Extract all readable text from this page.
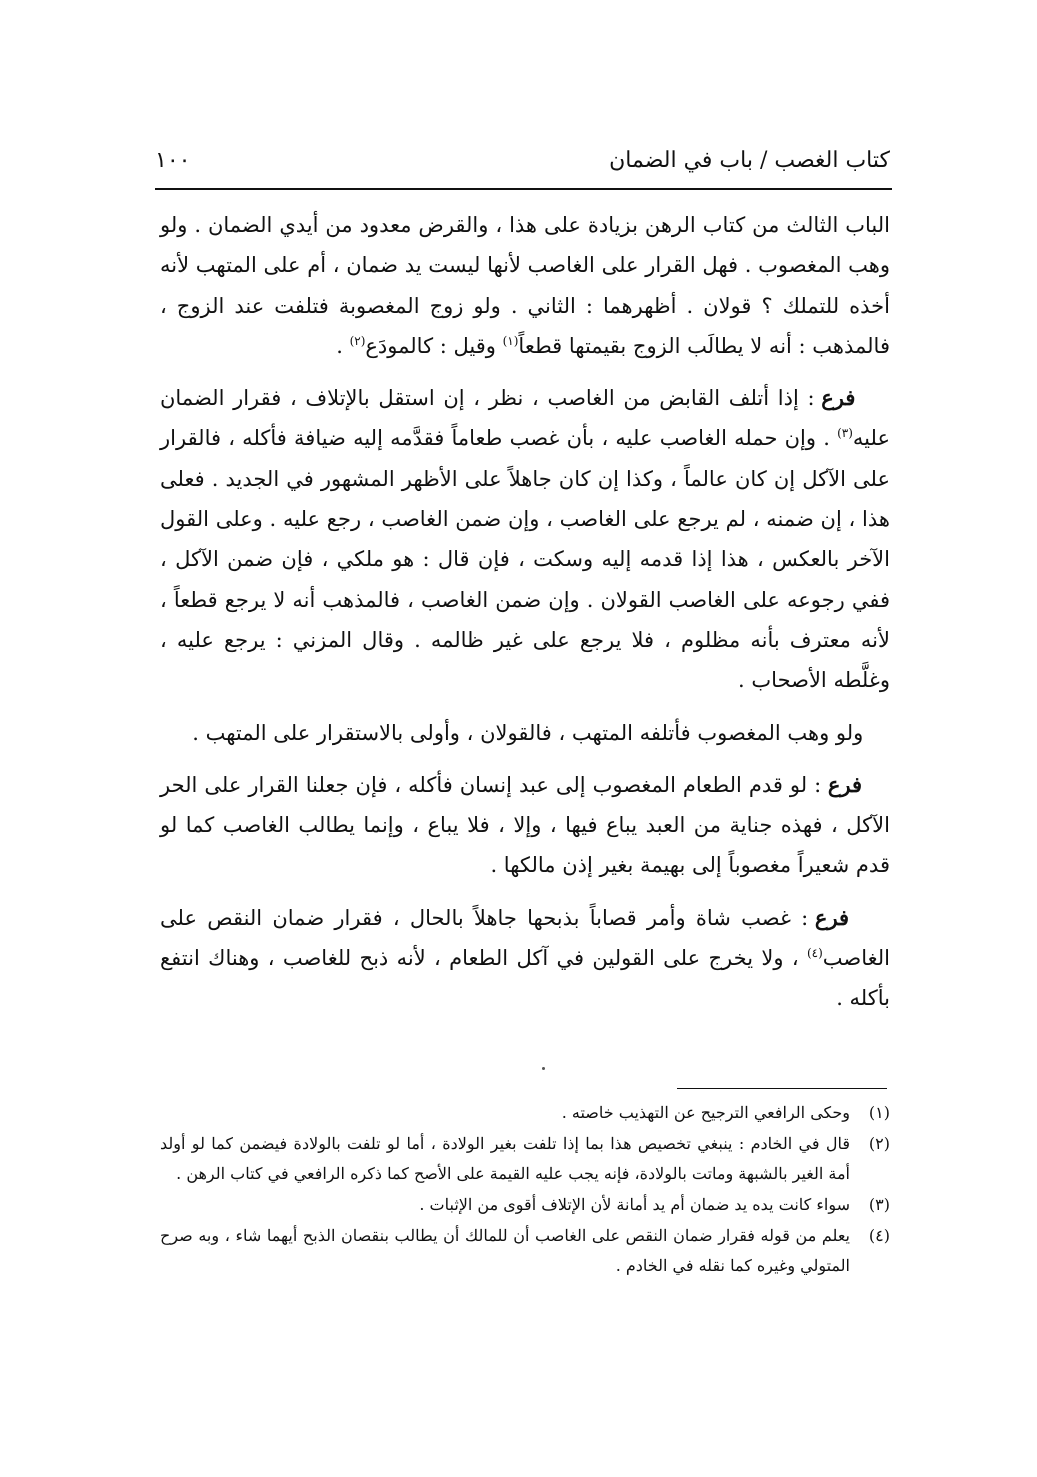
كتاب الغصب / باب في الضمان
١٠٠

الباب الثالث من كتاب الرهن بزيادة على هذا ، والقرض معدود من أيدي الضمان . ولو وهب المغصوب . فهل القرار على الغاصب لأنها ليست يد ضمان ، أم على المتهب لأنه أخذه للتملك ؟ قولان . أظهرهما : الثاني . ولو زوج المغصوبة فتلفت عند الزوج ، فالمذهب : أنه لا يطالَب الزوج بقيمتها قطعاً$^{(١)}$ وقيل : كالمودَع$^{(٢)}$ .

فرع : إذا أتلف القابض من الغاصب ، نظر ، إن استقل بالإتلاف ، فقرار الضمان عليه$^{(٣)}$ . وإن حمله الغاصب عليه ، بأن غصب طعاماً فقدَّمه إليه ضيافة فأكله ، فالقرار على الآكل إن كان عالماً ، وكذا إن كان جاهلاً على الأظهر المشهور في الجديد . فعلى هذا ، إن ضمنه ، لم يرجع على الغاصب ، وإن ضمن الغاصب ، رجع عليه . وعلى القول الآخر بالعكس ، هذا إذا قدمه إليه وسكت ، فإن قال : هو ملكي ، فإن ضمن الآكل ، ففي رجوعه على الغاصب القولان . وإن ضمن الغاصب ، فالمذهب أنه لا يرجع قطعاً ، لأنه معترف بأنه مظلوم ، فلا يرجع على غير ظالمه . وقال المزني : يرجع عليه ، وغلَّطه الأصحاب .

ولو وهب المغصوب فأتلفه المتهب ، فالقولان ، وأولى بالاستقرار على المتهب .

فرع : لو قدم الطعام المغصوب إلى عبد إنسان فأكله ، فإن جعلنا القرار على الحر الآكل ، فهذه جناية من العبد يباع فيها ، وإلا ، فلا يباع ، وإنما يطالب الغاصب كما لو قدم شعيراً مغصوباً إلى بهيمة بغير إذن مالكها .

فرع : غصب شاة وأمر قصاباً بذبحها جاهلاً بالحال ، فقرار ضمان النقص على الغاصب$^{(٤)}$ ، ولا يخرج على القولين في آكل الطعام ، لأنه ذبح للغاصب ، وهناك انتفع بأكله .

(١)
وحكى الرافعي الترجيح عن التهذيب خاصته .
(٢)
قال في الخادم : ينبغي تخصيص هذا بما إذا تلفت بغير الولادة ، أما لو تلفت بالولادة فيضمن كما لو أولد أمة الغير بالشبهة وماتت بالولادة، فإنه يجب عليه القيمة على الأصح كما ذكره الرافعي في كتاب الرهن .
(٣)
سواء كانت يده يد ضمان أم يد أمانة لأن الإتلاف أقوى من الإثبات .
(٤)
يعلم من قوله فقرار ضمان النقص على الغاصب أن للمالك أن يطالب بنقصان الذبح أيهما شاء ، وبه صرح المتولي وغيره كما نقله في الخادم .
